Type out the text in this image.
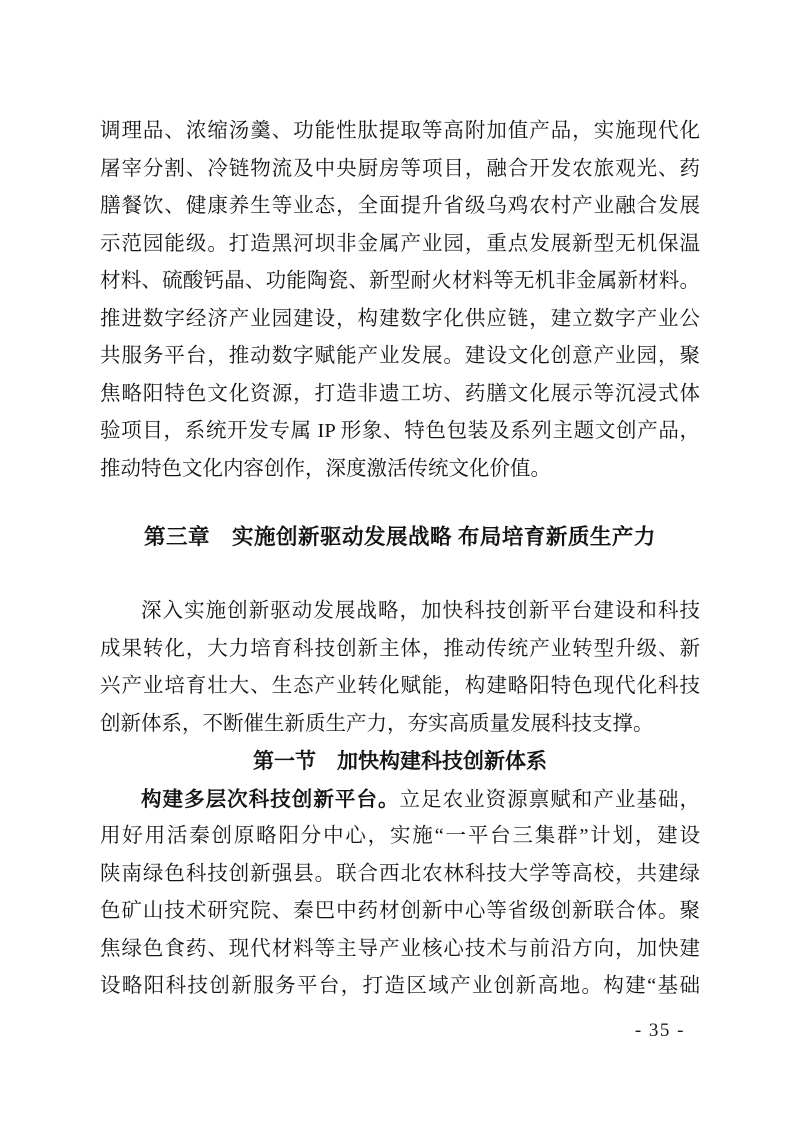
调理品、浓缩汤羹、功能性肽提取等高附加值产品，实施现代化
屠宰分割、冷链物流及中央厨房等项目，融合开发农旅观光、药
膳餐饮、健康养生等业态，全面提升省级乌鸡农村产业融合发展
示范园能级。打造黑河坝非金属产业园，重点发展新型无机保温
材料、硫酸钙晶、功能陶瓷、新型耐火材料等无机非金属新材料。
推进数字经济产业园建设，构建数字化供应链，建立数字产业公
共服务平台，推动数字赋能产业发展。建设文化创意产业园，聚
焦略阳特色文化资源，打造非遗工坊、药膳文化展示等沉浸式体
验项目，系统开发专属 IP 形象、特色包装及系列主题文创产品，
推动特色文化内容创作，深度激活传统文化价值。
第三章　实施创新驱动发展战略 布局培育新质生产力
深入实施创新驱动发展战略，加快科技创新平台建设和科技
成果转化，大力培育科技创新主体，推动传统产业转型升级、新
兴产业培育壮大、生态产业转化赋能，构建略阳特色现代化科技
创新体系，不断催生新质生产力，夯实高质量发展科技支撑。
第一节　加快构建科技创新体系
构建多层次科技创新平台。立足农业资源禀赋和产业基础，
用好用活秦创原略阳分中心，实施“一平台三集群”计划，建设
陕南绿色科技创新强县。联合西北农林科技大学等高校，共建绿
色矿山技术研究院、秦巴中药材创新中心等省级创新联合体。聚
焦绿色食药、现代材料等主导产业核心技术与前沿方向，加快建
设略阳科技创新服务平台，打造区域产业创新高地。构建“基础
- 35 -
